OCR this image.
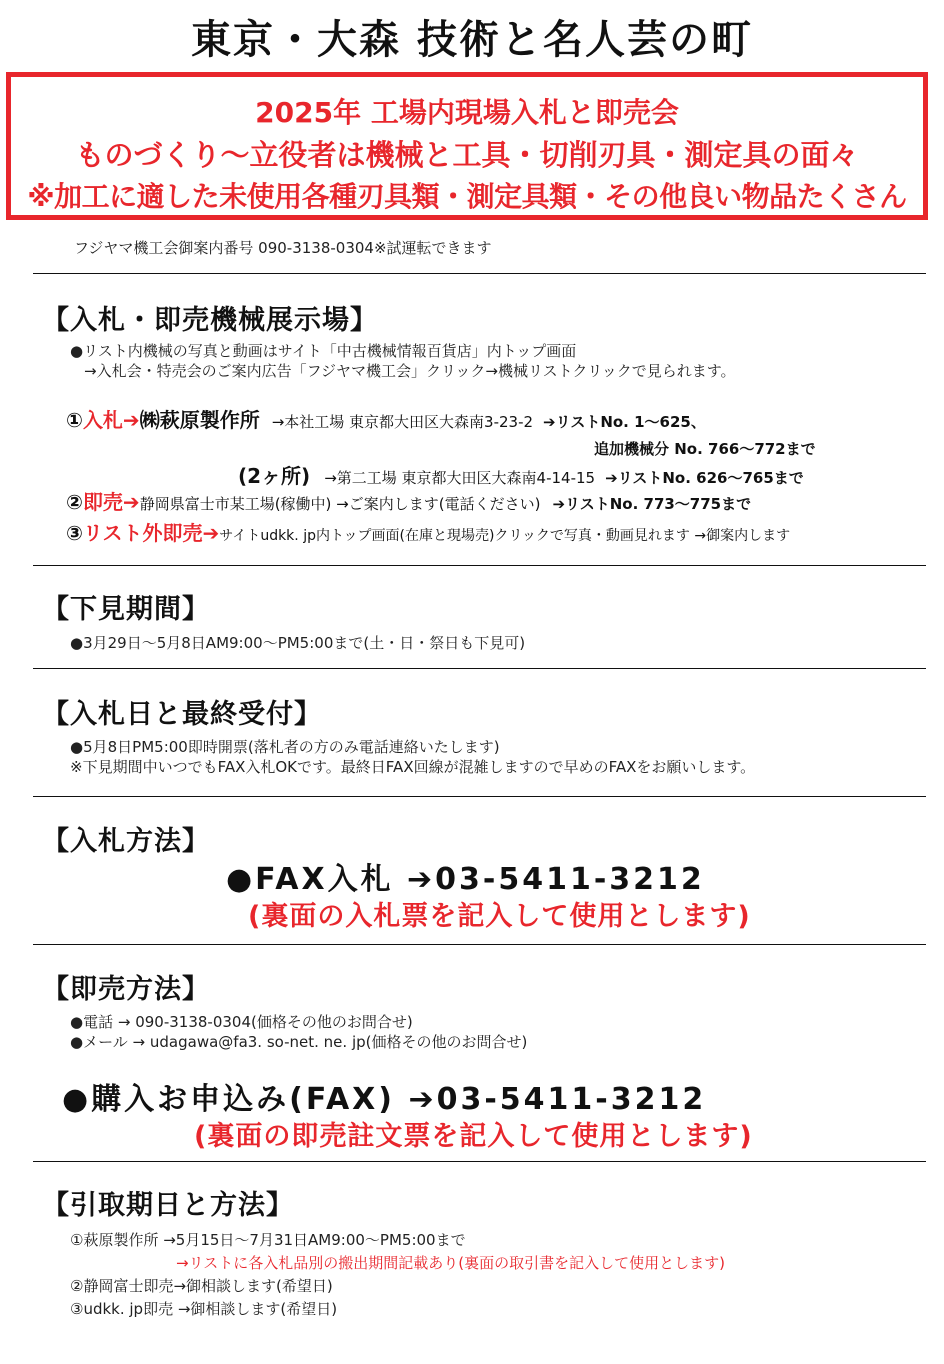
東京・大森 技術と名人芸の町
2025年 工場内現場入札と即売会
ものづくり～立役者は機械と工具・切削刃具・測定具の面々
※加工に適した未使用各種刃具類・測定具類・その他良い物品たくさん
フジヤマ機工会御案内番号 090-3138-0304※試運転できます
【入札・即売機械展示場】
●リスト内機械の写真と動画はサイト「中古機械情報百貨店」内トップ画面
→入札会・特売会のご案内広告「フジヤマ機工会」クリック→機械リストクリックで見られます。
①入札➔㈱萩原製作所 →本社工場 東京都大田区大森南3-23-2 ➔リストNo. 1～625、
追加機械分 No. 766～772まで
(2ヶ所) →第二工場 東京都大田区大森南4-14-15 ➔リストNo. 626～765まで
②即売➔静岡県富士市某工場(稼働中) →ご案内します(電話ください) ➔リストNo. 773～775まで
③リスト外即売➔サイトudkk. jp内トップ画面(在庫と現場売)クリックで写真・動画見れます →御案内します
【下見期間】
●3月29日～5月8日AM9:00～PM5:00まで(土・日・祭日も下見可)
【入札日と最終受付】
●5月8日PM5:00即時開票(落札者の方のみ電話連絡いたします)
※下見期間中いつでもFAX入札OKです。最終日FAX回線が混雑しますので早めのFAXをお願いします。
【入札方法】
●FAX入札 ➔03-5411-3212
(裏面の入札票を記入して使用とします)
【即売方法】
●電話 → 090-3138-0304(価格その他のお問合せ)
●メール → udagawa@fa3. so-net. ne. jp(価格その他のお問合せ)
●購入お申込み(FAX) ➔03-5411-3212
(裏面の即売註文票を記入して使用とします)
【引取期日と方法】
①萩原製作所 →5月15日～7月31日AM9:00～PM5:00まで
→リストに各入札品別の搬出期間記載あり(裏面の取引書を記入して使用とします)
②静岡富士即売→御相談します(希望日)
③udkk. jp即売 →御相談します(希望日)
